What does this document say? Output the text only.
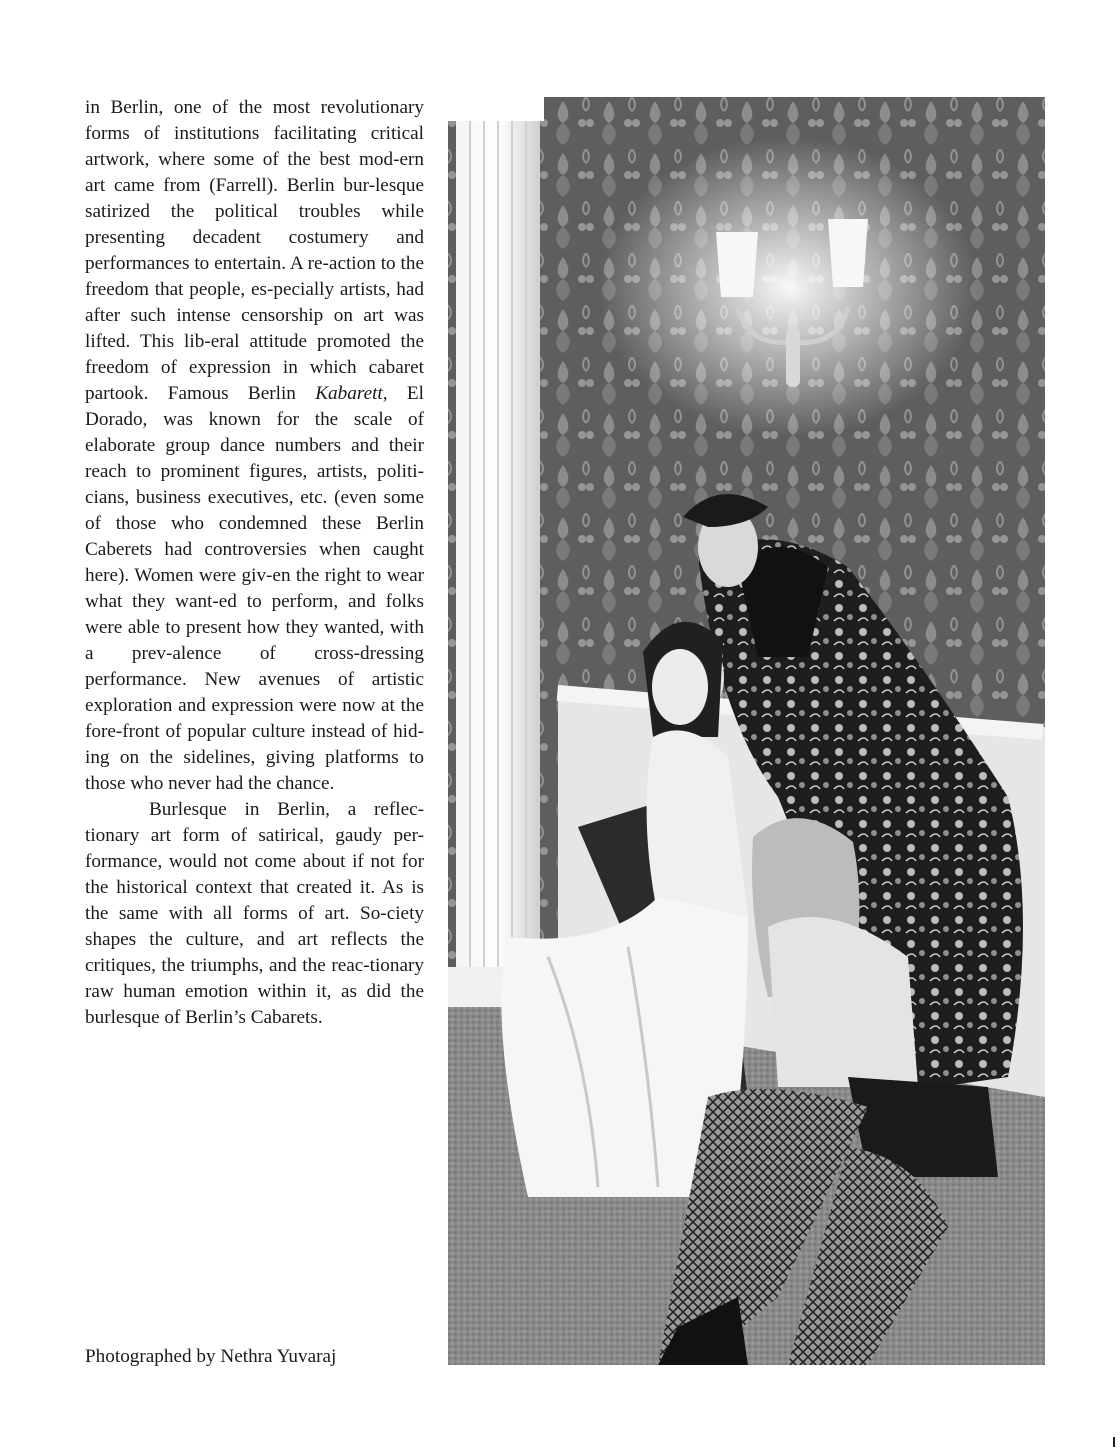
in Berlin, one of the most revolutionary forms of institutions facilitating critical artwork, where some of the best mod-ern art came from (Farrell). Berlin bur-lesque satirized the political troubles while presenting decadent costumery and performances to entertain. A re-action to the freedom that people, es-pecially artists, had after such intense censorship on art was lifted. This lib-eral attitude promoted the freedom of expression in which cabaret partook. Famous Berlin Kabarett, El Dorado, was known for the scale of elaborate group dance numbers and their reach to prominent figures, artists, politi-cians, business executives, etc. (even some of those who condemned these Berlin Caberets had controversies when caught here). Women were giv-en the right to wear what they want-ed to perform, and folks were able to present how they wanted, with a prev-alence of cross-dressing performance. New avenues of artistic exploration and expression were now at the fore-front of popular culture instead of hid-ing on the sidelines, giving platforms to those who never had the chance.

Burlesque in Berlin, a reflec-tionary art form of satirical, gaudy per-formance, would not come about if not for the historical context that created it. As is the same with all forms of art. So-ciety shapes the culture, and art reflects the critiques, the triumphs, and the reac-tionary raw human emotion within it, as did the burlesque of Berlin’s Cabarets.

Photographed by Nethra Yuvaraj
